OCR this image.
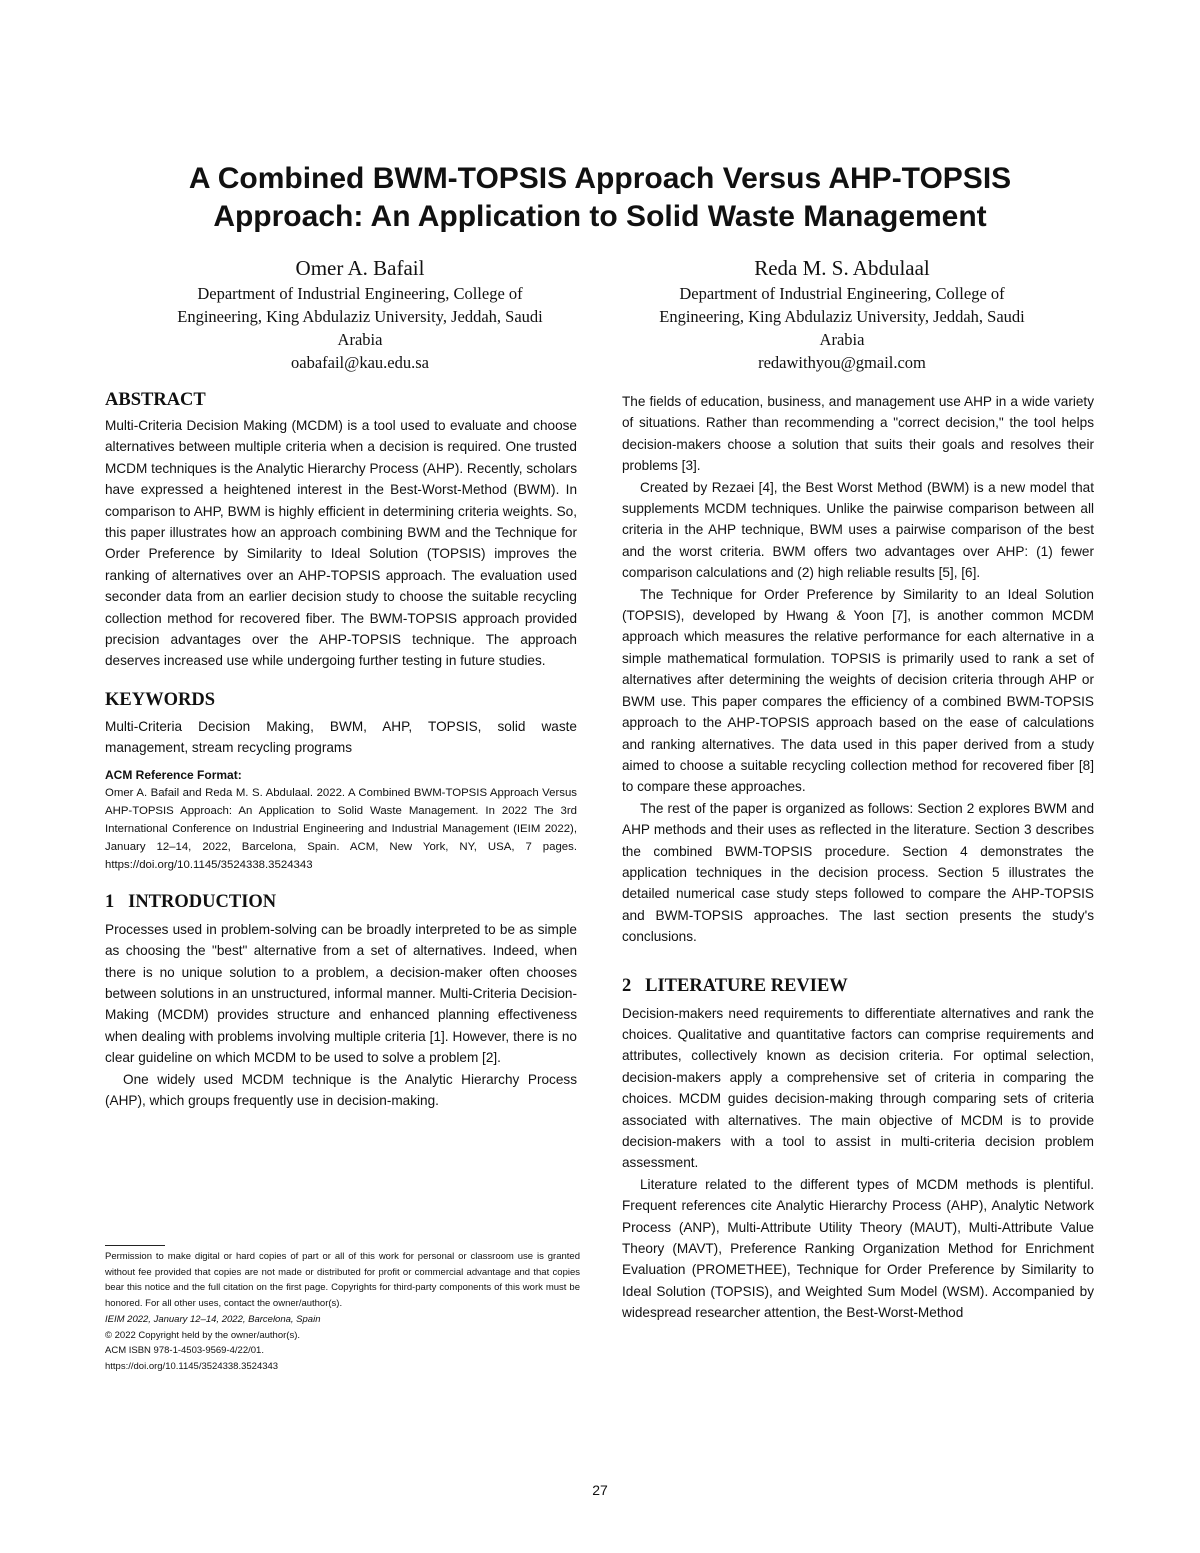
A Combined BWM-TOPSIS Approach Versus AHP-TOPSIS
Approach: An Application to Solid Waste Management
Omer A. Bafail
Department of Industrial Engineering, College of
Engineering, King Abdulaziz University, Jeddah, Saudi
Arabia
oabafail@kau.edu.sa
Reda M. S. Abdulaal
Department of Industrial Engineering, College of
Engineering, King Abdulaziz University, Jeddah, Saudi
Arabia
redawithyou@gmail.com
ABSTRACT

Multi-Criteria Decision Making (MCDM) is a tool used to evaluate and choose alternatives between multiple criteria when a decision is required. One trusted MCDM techniques is the Analytic Hierarchy Process (AHP). Recently, scholars have expressed a heightened interest in the Best-Worst-Method (BWM). In comparison to AHP, BWM is highly efficient in determining criteria weights. So, this paper illustrates how an approach combining BWM and the Technique for Order Preference by Similarity to Ideal Solution (TOPSIS) improves the ranking of alternatives over an AHP-TOPSIS approach. The evaluation used seconder data from an earlier decision study to choose the suitable recycling collection method for recovered fiber. The BWM-TOPSIS approach provided precision advantages over the AHP-TOPSIS technique. The approach deserves increased use while undergoing further testing in future studies.

KEYWORDS

Multi-Criteria Decision Making, BWM, AHP, TOPSIS, solid waste management, stream recycling programs

ACM Reference Format:

Omer A. Bafail and Reda M. S. Abdulaal. 2022. A Combined BWM-TOPSIS Approach Versus AHP-TOPSIS Approach: An Application to Solid Waste Management. In 2022 The 3rd International Conference on Industrial Engineering and Industrial Management (IEIM 2022), January 12–14, 2022, Barcelona, Spain. ACM, New York, NY, USA, 7 pages. https://doi.org/10.1145/3524338.3524343

1   INTRODUCTION

Processes used in problem-solving can be broadly interpreted to be as simple as choosing the "best" alternative from a set of alternatives. Indeed, when there is no unique solution to a problem, a decision-maker often chooses between solutions in an unstructured, informal manner. Multi-Criteria Decision-Making (MCDM) provides structure and enhanced planning effectiveness when dealing with problems involving multiple criteria [1]. However, there is no clear guideline on which MCDM to be used to solve a problem [2].

One widely used MCDM technique is the Analytic Hierarchy Process (AHP), which groups frequently use in decision-making.

The fields of education, business, and management use AHP in a wide variety of situations. Rather than recommending a "correct decision," the tool helps decision-makers choose a solution that suits their goals and resolves their problems [3].

Created by Rezaei [4], the Best Worst Method (BWM) is a new model that supplements MCDM techniques. Unlike the pairwise comparison between all criteria in the AHP technique, BWM uses a pairwise comparison of the best and the worst criteria. BWM offers two advantages over AHP: (1) fewer comparison calculations and (2) high reliable results [5], [6].

The Technique for Order Preference by Similarity to an Ideal Solution (TOPSIS), developed by Hwang & Yoon [7], is another common MCDM approach which measures the relative performance for each alternative in a simple mathematical formulation. TOPSIS is primarily used to rank a set of alternatives after determining the weights of decision criteria through AHP or BWM use. This paper compares the efficiency of a combined BWM-TOPSIS approach to the AHP-TOPSIS approach based on the ease of calculations and ranking alternatives. The data used in this paper derived from a study aimed to choose a suitable recycling collection method for recovered fiber [8] to compare these approaches.

The rest of the paper is organized as follows: Section 2 explores BWM and AHP methods and their uses as reflected in the literature. Section 3 describes the combined BWM-TOPSIS procedure. Section 4 demonstrates the application techniques in the decision process. Section 5 illustrates the detailed numerical case study steps followed to compare the AHP-TOPSIS and BWM-TOPSIS approaches. The last section presents the study's conclusions.

2   LITERATURE REVIEW

Decision-makers need requirements to differentiate alternatives and rank the choices. Qualitative and quantitative factors can comprise requirements and attributes, collectively known as decision criteria. For optimal selection, decision-makers apply a comprehensive set of criteria in comparing the choices. MCDM guides decision-making through comparing sets of criteria associated with alternatives. The main objective of MCDM is to provide decision-makers with a tool to assist in multi-criteria decision problem assessment.

Literature related to the different types of MCDM methods is plentiful. Frequent references cite Analytic Hierarchy Process (AHP), Analytic Network Process (ANP), Multi-Attribute Utility Theory (MAUT), Multi-Attribute Value Theory (MAVT), Preference Ranking Organization Method for Enrichment Evaluation (PROMETHEE), Technique for Order Preference by Similarity to Ideal Solution (TOPSIS), and Weighted Sum Model (WSM). Accompanied by widespread researcher attention, the Best-Worst-Method

Permission to make digital or hard copies of part or all of this work for personal or classroom use is granted without fee provided that copies are not made or distributed for profit or commercial advantage and that copies bear this notice and the full citation on the first page. Copyrights for third-party components of this work must be honored. For all other uses, contact the owner/author(s).

IEIM 2022, January 12–14, 2022, Barcelona, Spain

© 2022 Copyright held by the owner/author(s).

ACM ISBN 978-1-4503-9569-4/22/01.

https://doi.org/10.1145/3524338.3524343

27
